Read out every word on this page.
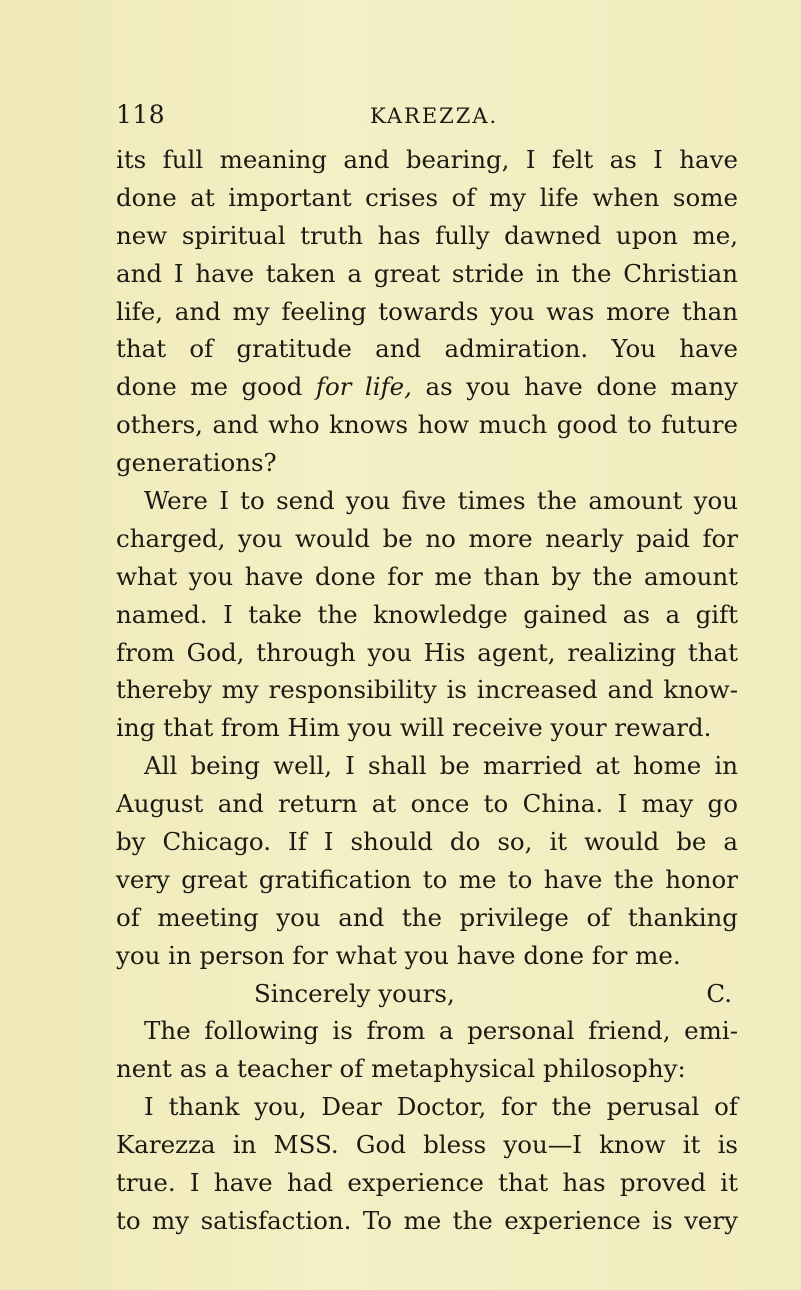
118	KAREZZA.
its full meaning and bearing, I felt as I have
done at important crises of my life when some
new spiritual truth has fully dawned upon me,
and I have taken a great stride in the Christian
life, and my feeling towards you was more than
that of gratitude and admiration. You have
done me good for life, as you have done many
others, and who knows how much good to future
generations?
Were I to send you five times the amount you
charged, you would be no more nearly paid for
what you have done for me than by the amount
named. I take the knowledge gained as a gift
from God, through you His agent, realizing that
thereby my responsibility is increased and know-
ing that from Him you will receive your reward.
All being well, I shall be married at home in
August and return at once to China. I may go
by Chicago. If I should do so, it would be a
very great gratification to me to have the honor
of meeting you and the privilege of thanking
you in person for what you have done for me.
Sincerely yours,	C.
The following is from a personal friend, emi-
nent as a teacher of metaphysical philosophy:
I thank you, Dear Doctor, for the perusal of
Karezza in MSS. God bless you—I know it is
true. I have had experience that has proved it
to my satisfaction. To me the experience is very
